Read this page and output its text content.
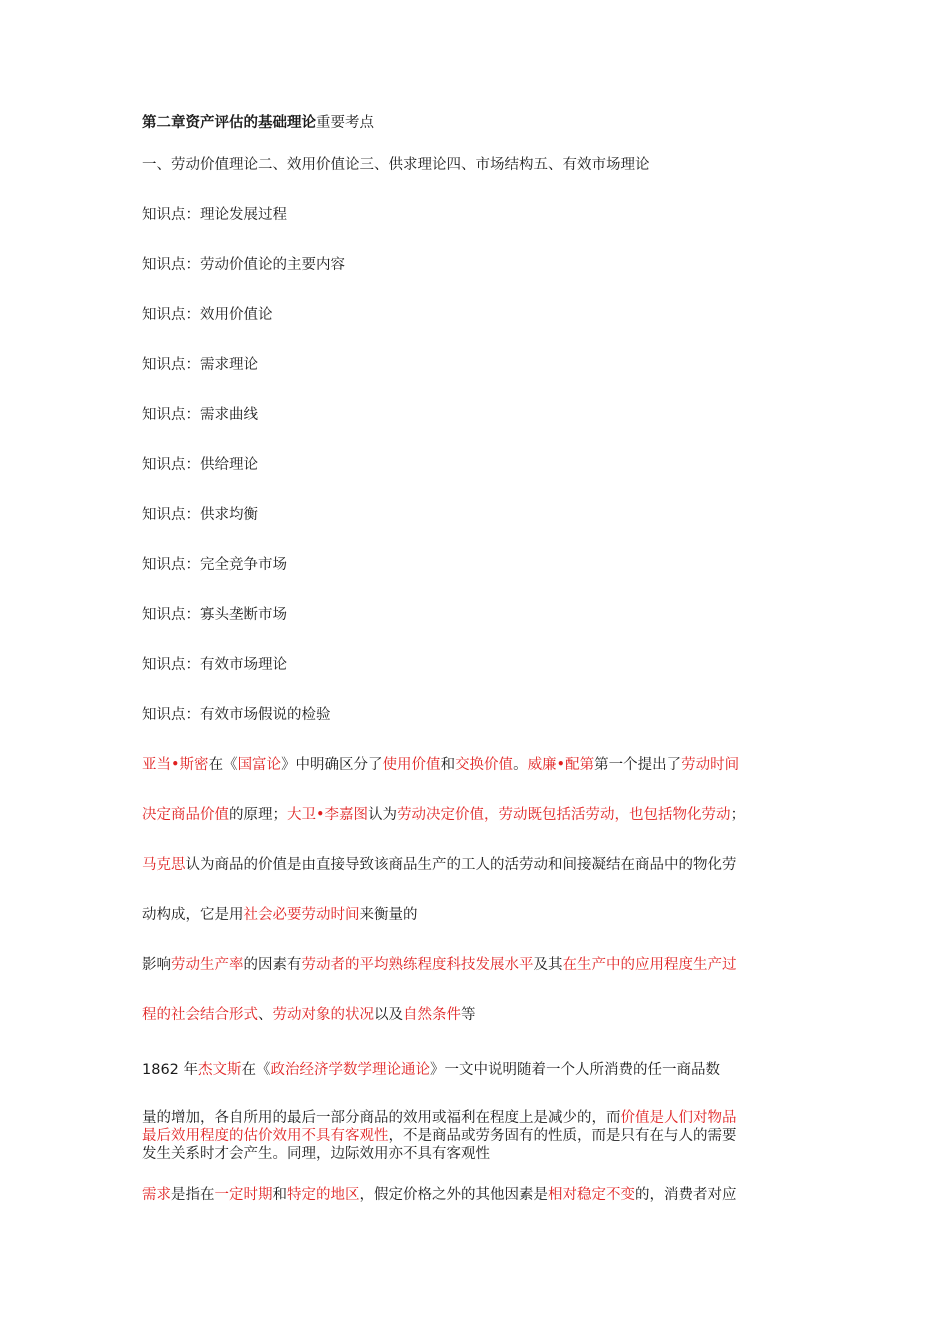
第二章资产评估的基础理论重要考点
一、劳动价值理论二、效用价值论三、供求理论四、市场结构五、有效市场理论
知识点：理论发展过程
知识点：劳动价值论的主要内容
知识点：效用价值论
知识点：需求理论
知识点：需求曲线
知识点：供给理论
知识点：供求均衡
知识点：完全竞争市场
知识点：寡头垄断市场
知识点：有效市场理论
知识点：有效市场假说的检验
亚当•斯密在《国富论》中明确区分了使用价值和交换价值。威廉•配第第一个提出了劳动时间
决定商品价值的原理；大卫•李嘉图认为劳动决定价值，劳动既包括活劳动，也包括物化劳动；
马克思认为商品的价值是由直接导致该商品生产的工人的活劳动和间接凝结在商品中的物化劳
动构成，它是用社会必要劳动时间来衡量的
影响劳动生产率的因素有劳动者的平均熟练程度科技发展水平及其在生产中的应用程度生产过
程的社会结合形式、劳动对象的状况以及自然条件等
1862 年杰文斯在《政治经济学数学理论通论》一文中说明随着一个人所消费的任一商品数
量的增加，各自所用的最后一部分商品的效用或福利在程度上是减少的，而价值是人们对物品
最后效用程度的估价效用不具有客观性，不是商品或劳务固有的性质，而是只有在与人的需要
发生关系时才会产生。同理，边际效用亦不具有客观性
需求是指在一定时期和特定的地区，假定价格之外的其他因素是相对稳定不变的，消费者对应
